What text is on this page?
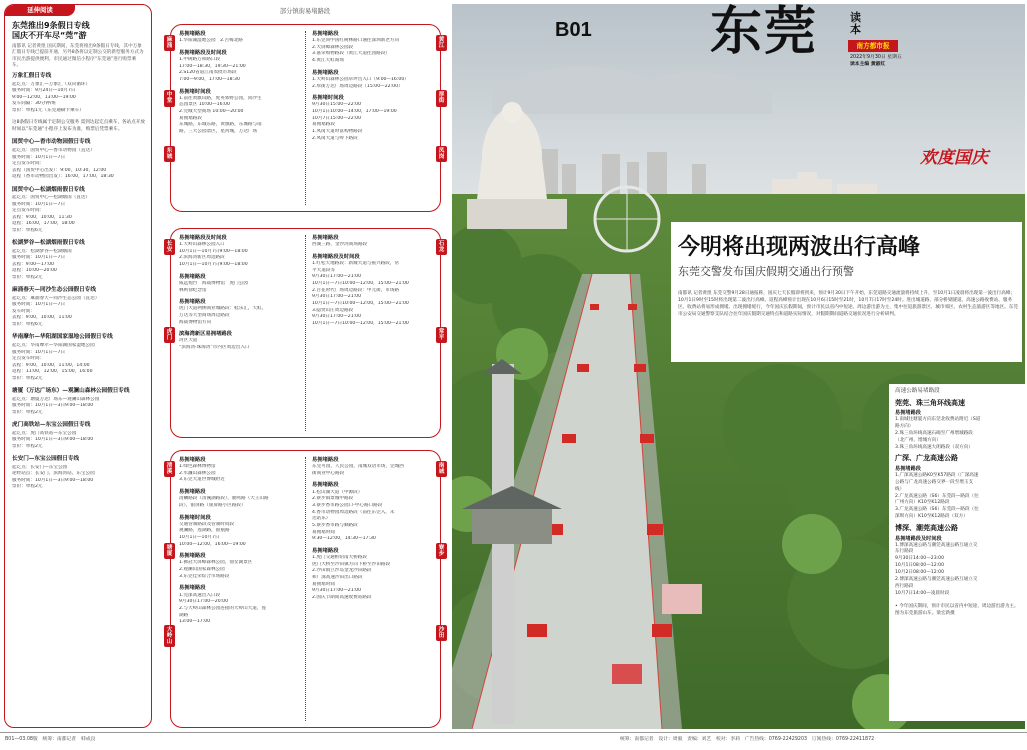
延伸阅读
东莞推出9条假日专线
国庆不开车尽“莞”游
南都讯 记者黄煌 国庆期间，东莞将推出9条假日专线，其中万象汇假日专线已提前开通，另外8条将以定制公交的新型服务方式为市民出游提供便利。市民通过微信小程序“东莞通”进行购票乘车。
万象汇假日专线
起讫点：万象汇—万象汇（双向循环）
服务时间：9月24日—10月7日
9:00—12:00，13:00—19:00
发车间隔：30分钟/班
票价：单程1元（东莞通刷卡乘车）
这8条假日专线属于定制公交服务 需到达起讫点乘车，各站点开放时间以“东莞通”小程序上发布为准，购票后凭票乘车。
国贸中心—香市动物园假日专线
起讫点：国贸中心—香市动物园（直达）
服务时间：10月1日—7日
定点发车时间：
去程（国贸中心出发）：9:00，10:30，12:00
返程（香市动物园出发）：16:00，17:00，18:30
国贸中心—松湖烟雨假日专线
起讫点：国贸中心—松湖烟雨（直达）
服务时间：10月1日—7日
定点发车时间：
去程：9:00，10:00，11:30
返程：16:00，17:00，18:00
票价：单程6元
松湖梦谷—松湖烟雨假日专线
起讫点：松湖梦谷—松湖烟雨
服务时间：10月1日—7日
去程：9:00—17:00
返程：10:00—20:00
票价：单程2元
麻涌春天—同沙生态公园假日专线
起讫点：麻涌春天—同沙生态公园（直达）
服务时间：10月1日—7日
发车时间：
去程：9:00，10:00，11:00
票价：单程6元
华南摩尔—华阳湖国家湿地公园假日专线
起讫点：华南摩尔—华阳湖国家湿地公园
服务时间：10月1日—7日
定点发车时间：
去程：9:00，10:00，11:00，14:00
返程：11:00，12:00，15:00，16:00
票价：单程2元
塘厦（万达广场东）—观澜山森林公园假日专线
起讫点：塘厦万达广场东—观澜山森林公园
服务时间：10月1日—3日9:00—18:00
票价：单程2元
虎门高铁站—东宝公园假日专线
起讫点：虎门高铁站—东宝公园
服务时间：10月1日—3日9:00—18:00
票价：单程2元
长安门—东宝公园假日专线
起讫点：长安门—东宝公园
途经站点：长安门、滨海湾站、东宝公园
服务时间：10月1日—3日9:00—18:00
票价：单程2元
部分镇街易堵路段
易拥堵路段
1.华阳湖湿地公园　2.古梅北路
易拥堵路段及时间段
1.中碑路万和路口段
17:00—18:30，19:30—21:00
2.S120省道江南农批市场段
7:00—9:00，17:00—18:30
易拥堵时间段
1.前往黄旗山路，虎英郊野公园，同沙生
态园景区 10:00—16:00
2.莞城大型商场 10:00—20:00
易拥堵路段
东城路，东城东路，黄旗路，东城路与南
路，三大公园景区，星河城，万达广场
易拥堵路段
1.东莞同中国红树林路口通往深圳新老方向
2.大屏嶂森林公园段
3.嘉荣购物路段（黄江大道往园路段）
4.黄江天虹商场
易拥堵路段
1.大岭山森林公园草坪出入口（9:00—16:00）
2.厚街万达广场周边路段（15:00—22:00）
易拥堵时间段
9月30日15:00—22:00
10月1日10:00—14:00，17:00—19:00
10月7日15:00—22:00
易拥堵路段
1.凤岗大道时富购物路段
2.凤岗大道与岭下路段
麻涌
中堂
东城
黄江
厚街
凤岗
易拥堵路段及时间段
1.大岭山森林公园入口
10月1日—10月7日9:00—18:00
2.滨海湾新区周边路段
10月1日—10月7日9:00—18:00
易拥堵路段
威远炮台　海战博物馆　虎门公园
林则徐纪念馆
易拥堵路段
虎门大道两侧商业城路段：鞋乐汇，天虹，
万达等大型商场周边路段
海战博物馆方向
滨海湾新区易拥堵路段
湾区大道
“滨海湾·珠海湾”市内区周边出入口
易拥堵路段
西湖三路，金沙湾商场路段
易拥堵路段及时间段
1.红松天地路段：新城大道与振兴路段，常
平大道段等
9月30日17:00—21:00
10月1日—7日10:00—12:00，15:00—21:00
2.百花时代广场周边路段：中元街，市场路
9月30日17:00—21:00
10月1日—7日10:00—12:00，15:00—21:00
3.隐贤山庄周边路段
9月30日17:00—21:00
10月1日—7日10:00—12:00，15:00—21:00
长安
虎门
石龙
常平
易拥堵路段
1.绿色森林博物馆
2.水濂山森林公园
3.东莞大道世博城附近
易拥堵路段
清鳞路段（清溪湖路段），鹿鸣路（大王山路
段），银屏路（银屏路小区路段）
易拥堵时间段
交通管制路段及管制时间段
观澜路，莲湖路，银瓶路
10月1日—10月7日
10:00—12:00，16:00—19:00
易拥堵路段
1.佛冠大屏嶂森林公园，仙女湖景区
2.观澜山国家森林公园
3.东莞佳荣综合市场路段
易拥堵路段
1.莞深高速出入口段
9月30日17:00—20:00
2.与大岭山森林公园连接的大岭山大道，莲
湖路
13:00—17:00
易拥堵路段
东莞可园，人民公园，南城双语市场，莞城西
街商业中心路段
易拥堵路段
1.松山湖大道（中源段）
2.寮步镇景城中路段
3.寮步香市路公园口-中心路口路段
4.香市动物园周边路段（前往东莞入，未
达站乐）
5.寮步香市路与顺路段
易拥堵时间
9:30—12:00，14:30—17:30
易拥堵路段
1.虎门交通枢纽南大桥路段
虎门大桥至沙田镇方向下桥至沙田路段
2.沙田镇立沙岛金龙沙田路段
和广深高速沙田出口路段
易拥堵时间
9月30日17:00—21:00
2.国庆节期间高速收费站路段
清溪
塘厦
大岭山
南城
寮步
沙田
B01 东莞	读本
南方都市报
2022年9月30日 星期五
读本主编 黄淑红
欢度国庆
今明将出现两波出行高峰
东莞交警发布国庆假期交通出行预警
南都讯 记者黄煌 东莞交警9月28日通报称，国庆七天长假即将到来，预计9月30日下午开始，东莞道路交通流量将持续上升，至10月1日凌晨将出现第一波出行高峰；10月1日9时至15时将出现第二波出行高峰。返程高峰预计出现在10月6日15时至21时，10月7日17时至24时。进出城道路、部分桥梁隧道、高速公路收费站、服务区、收费站将易形成拥堵。出现拥堵缓行，今年国庆长假期间，预计市民以省内中短途、周边游出游为主，集中往返旅游景区、城市郊区、农村生态旅游区等地区。东莞市公安局交通警察支队结合往年国庆假期交通特点和道路实际情况，对假期期间道路交通状况进行分析研判。
高速公路易堵路段
莞莞、珠三角环线高速
易拥堵路段
1.南城往塘厦方向东莞北收费站附近（S道
路方向）
2.珠三角环线高速石碣至广州增城路段
（北广州、增城方向）
3.珠三角环线高速大朗路段（双方向）
广深、广龙高速公路
易拥堵路段
1.广深高速公路K0至K57路段（广深高速
公路与广龙高速公路交界一段至增玉支
线）
2.广龙高速公路（S6）东莞段—路段（往
广州方向）K10至K12路段
3.广龙高速公路（S6）东莞段—路段（往
深圳方向）K10至K12路段（双方）
博深、潮莞高速公路
易拥堵路段及时间段
1.博深高速公路与潮莞高速公路互通立交
东行路段
9月30日14:00—23:00
10月1日08:00—12:00
10月2日08:00—12:00
2.博深高速公路与潮莞高速公路互通立交
西行路段
10月7日14:00—凌晨时段
• 今年国庆期间，预计市民以省内中短途、周边游出游为主。图为东莞旅游山车。梁宏新摄
B01—03.08版　统筹：南都记者　韩成良	统筹：南都记者　设计：周毅　责编：刘艺　校对：李莉　广告热线：0769-22429203　订阅热线：0769-22411872
